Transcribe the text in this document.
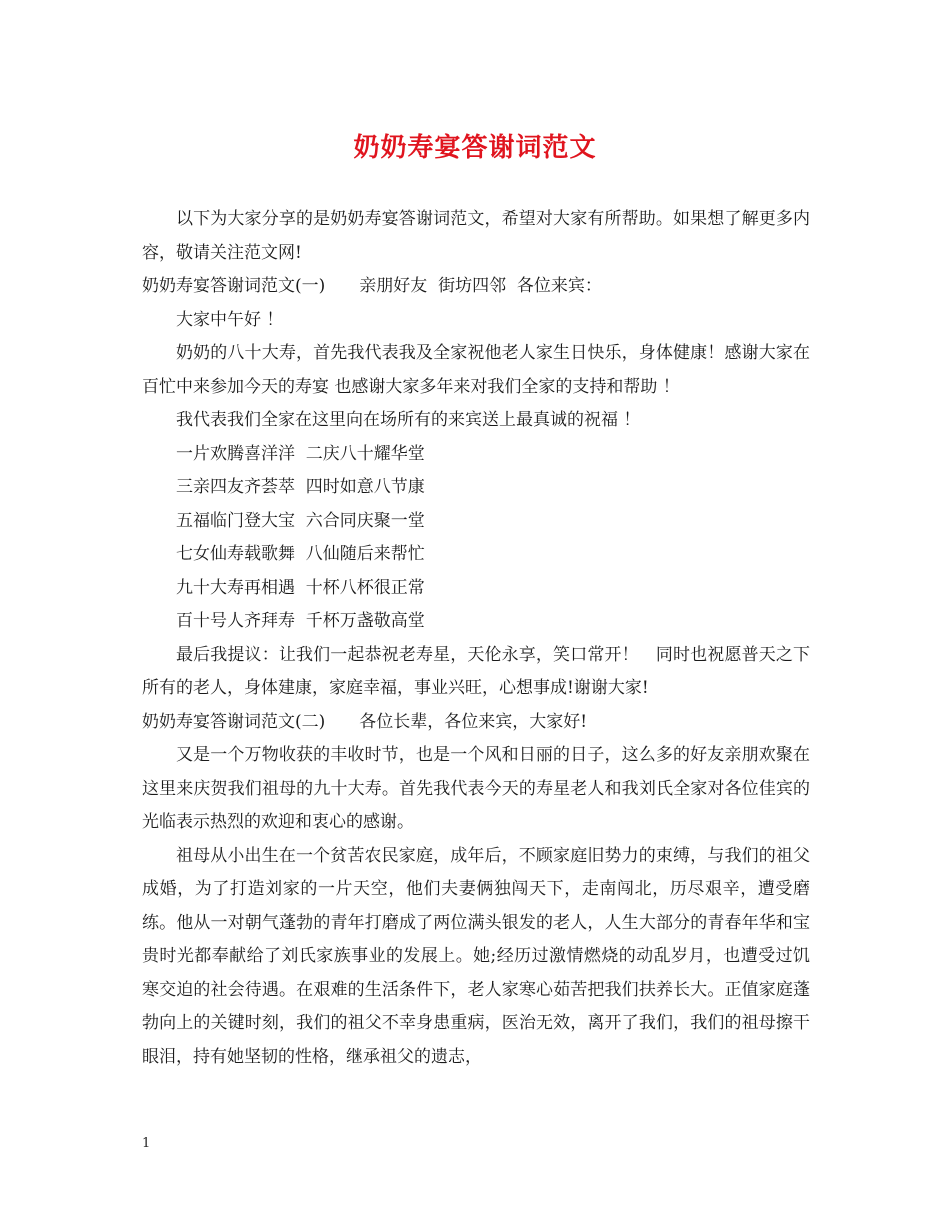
奶奶寿宴答谢词范文

以下为大家分享的是奶奶寿宴答谢词范文，希望对大家有所帮助。如果想了解更多内容，敬请关注范文网!

奶奶寿宴答谢词范文(一)　　亲朋好友  街坊四邻  各位来宾：

大家中午好 ！

奶奶的八十大寿，首先我代表我及全家祝他老人家生日快乐，身体健康！感谢大家在百忙中来参加今天的寿宴 也感谢大家多年来对我们全家的支持和帮助 ！

我代表我们全家在这里向在场所有的来宾送上最真诚的祝福 ！

一片欢腾喜洋洋  二庆八十耀华堂

三亲四友齐荟萃  四时如意八节康

五福临门登大宝  六合同庆聚一堂

七女仙寿载歌舞  八仙随后来帮忙

九十大寿再相遇  十杯八杯很正常

百十号人齐拜寿  千杯万盏敬高堂

最后我提议：让我们一起恭祝老寿星，天伦永享，笑口常开！　同时也祝愿普天之下所有的老人，身体建康，家庭幸福，事业兴旺，心想事成!谢谢大家!

奶奶寿宴答谢词范文(二)　　各位长辈，各位来宾，大家好!

又是一个万物收获的丰收时节，也是一个风和日丽的日子，这么多的好友亲朋欢聚在这里来庆贺我们祖母的九十大寿。首先我代表今天的寿星老人和我刘氏全家对各位佳宾的光临表示热烈的欢迎和衷心的感谢。

祖母从小出生在一个贫苦农民家庭，成年后，不顾家庭旧势力的束缚，与我们的祖父成婚，为了打造刘家的一片天空，他们夫妻俩独闯天下，走南闯北，历尽艰辛，遭受磨练。他从一对朝气蓬勃的青年打磨成了两位满头银发的老人，人生大部分的青春年华和宝贵时光都奉献给了刘氏家族事业的发展上。她;经历过激情燃烧的动乱岁月，也遭受过饥寒交迫的社会待遇。在艰难的生活条件下，老人家寒心茹苦把我们扶养长大。正值家庭蓬勃向上的关键时刻，我们的祖父不幸身患重病，医治无效，离开了我们，我们的祖母擦干眼泪，持有她坚韧的性格，继承祖父的遗志，

1
